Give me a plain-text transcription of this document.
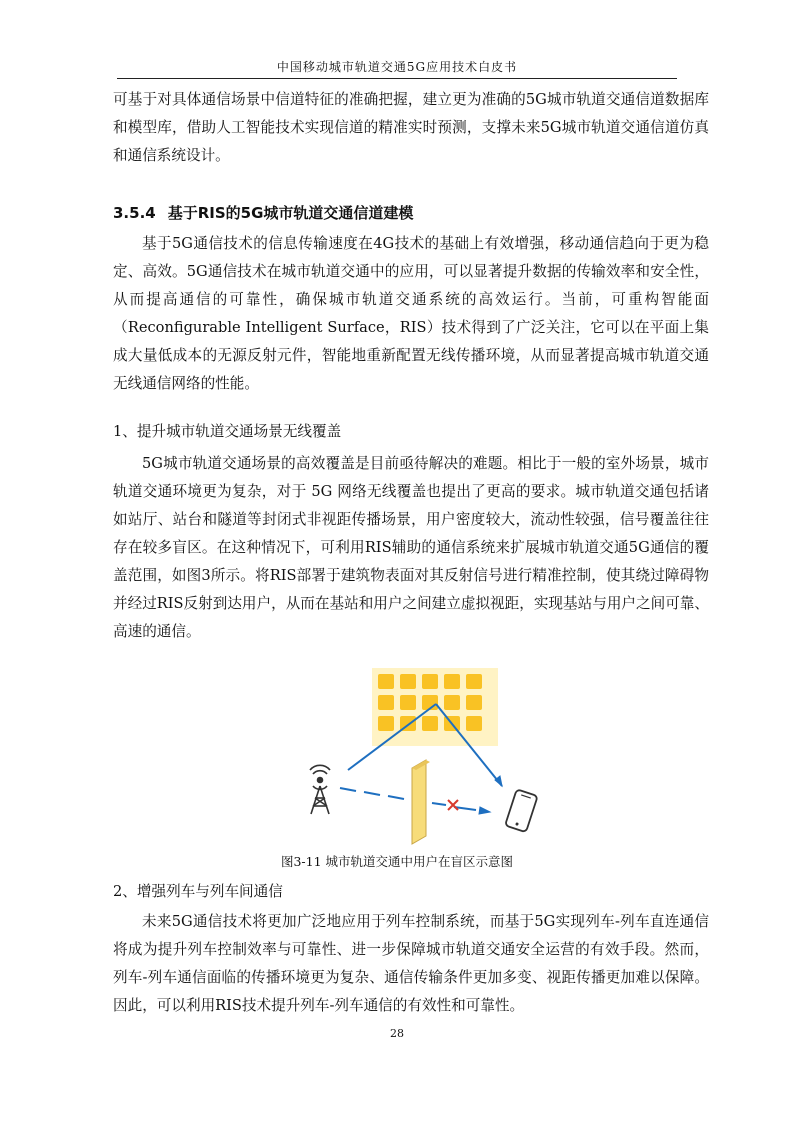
中国移动城市轨道交通5G应用技术白皮书

可基于对具体通信场景中信道特征的准确把握，建立更为准确的5G城市轨道交通信道数据库和模型库，借助人工智能技术实现信道的精准实时预测，支撑未来5G城市轨道交通信道仿真和通信系统设计。

3.5.4 基于RIS的5G城市轨道交通信道建模

基于5G通信技术的信息传输速度在4G技术的基础上有效增强，移动通信趋向于更为稳定、高效。5G通信技术在城市轨道交通中的应用，可以显著提升数据的传输效率和安全性，从而提高通信的可靠性，确保城市轨道交通系统的高效运行。当前，可重构智能面（Reconfigurable Intelligent Surface，RIS）技术得到了广泛关注，它可以在平面上集成大量低成本的无源反射元件，智能地重新配置无线传播环境，从而显著提高城市轨道交通无线通信网络的性能。

1、提升城市轨道交通场景无线覆盖

5G城市轨道交通场景的高效覆盖是目前亟待解决的难题。相比于一般的室外场景，城市轨道交通环境更为复杂，对于 5G 网络无线覆盖也提出了更高的要求。城市轨道交通包括诸如站厅、站台和隧道等封闭式非视距传播场景，用户密度较大，流动性较强，信号覆盖往往存在较多盲区。在这种情况下，可利用RIS辅助的通信系统来扩展城市轨道交通5G通信的覆盖范围，如图3所示。将RIS部署于建筑物表面对其反射信号进行精准控制，使其绕过障碍物并经过RIS反射到达用户，从而在基站和用户之间建立虚拟视距，实现基站与用户之间可靠、高速的通信。

图3-11 城市轨道交通中用户在盲区示意图

2、增强列车与列车间通信

未来5G通信技术将更加广泛地应用于列车控制系统，而基于5G实现列车-列车直连通信将成为提升列车控制效率与可靠性、进一步保障城市轨道交通安全运营的有效手段。然而，列车-列车通信面临的传播环境更为复杂、通信传输条件更加多变、视距传播更加难以保障。因此，可以利用RIS技术提升列车-列车通信的有效性和可靠性。

28
